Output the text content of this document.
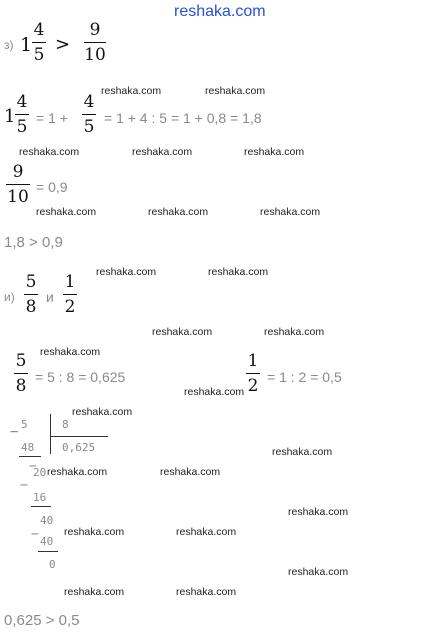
reshaka.com
з) 1
4
5 >
9
10
reshaka.com	reshaka.com
1
4
5 = 1 +
4
5 = 1 + 4 : 5 = 1 + 0,8 = 1,8
reshaka.com	reshaka.com	reshaka.com
9
10 = 0,9
reshaka.com	reshaka.com	reshaka.com
1,8 > 0,9
и)
5
8 и
1
2
reshaka.com	reshaka.com
reshaka.com	reshaka.com
reshaka.com
5
8 = 5 : 8 = 0,625
reshaka.com
1
2 = 1 : 2 = 0,5
reshaka.com
− 5	8
0,625
48
−
20 reshaka.com	reshaka.com
−
16
40
− 40
0
reshaka.com
reshaka.com
reshaka.com	reshaka.com
reshaka.com
reshaka.com	reshaka.com
0,625 > 0,5
